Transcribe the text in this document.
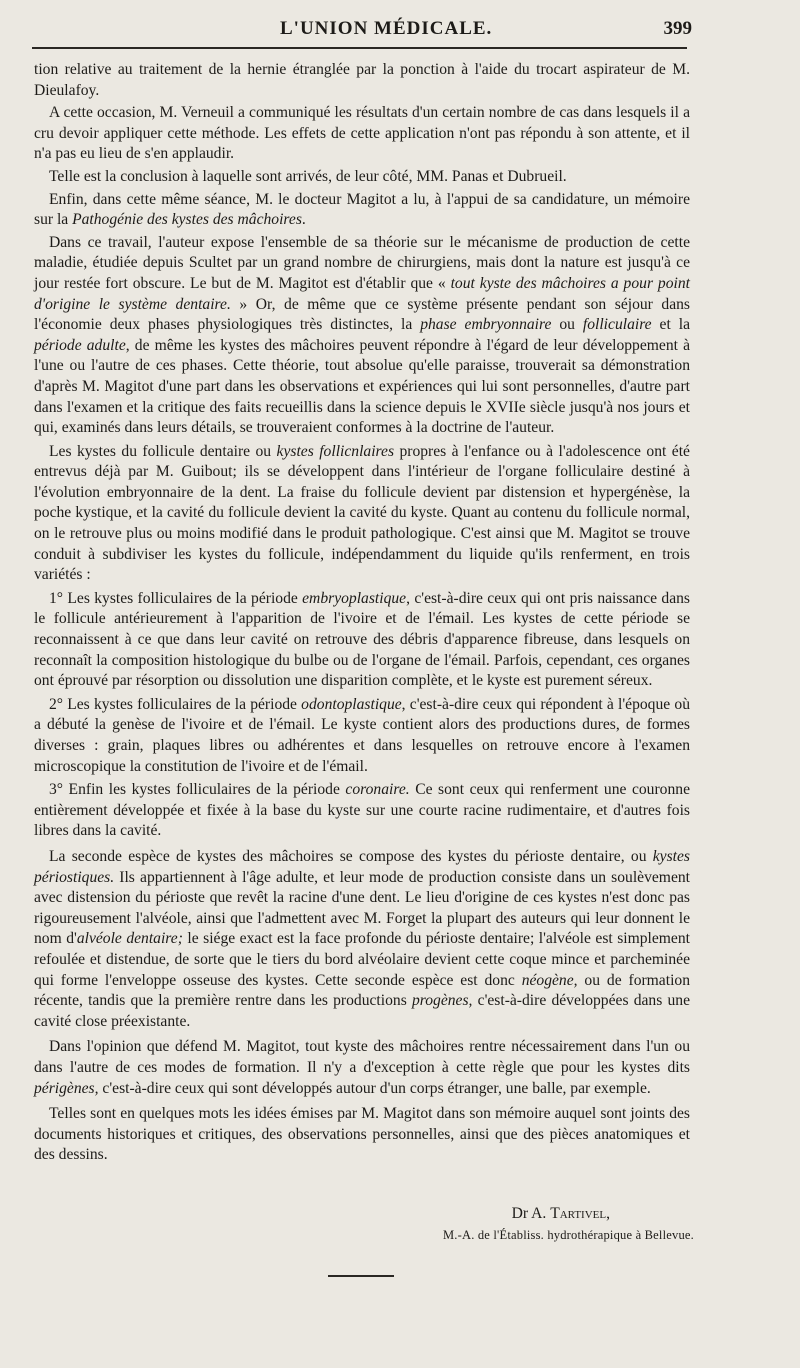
L'UNION MÉDICALE.	399

tion relative au traitement de la hernie étranglée par la ponction à l'aide du trocart aspirateur de M. Dieulafoy.

A cette occasion, M. Verneuil a communiqué les résultats d'un certain nombre de cas dans lesquels il a cru devoir appliquer cette méthode. Les effets de cette application n'ont pas répondu à son attente, et il n'a pas eu lieu de s'en applaudir.

Telle est la conclusion à laquelle sont arrivés, de leur côté, MM. Panas et Dubrueil.

Enfin, dans cette même séance, M. le docteur Magitot a lu, à l'appui de sa candidature, un mémoire sur la Pathogénie des kystes des mâchoires.

Dans ce travail, l'auteur expose l'ensemble de sa théorie sur le mécanisme de production de cette maladie, étudiée depuis Scultet par un grand nombre de chirurgiens, mais dont la nature est jusqu'à ce jour restée fort obscure. Le but de M. Magitot est d'établir que « tout kyste des mâchoires a pour point d'origine le système dentaire. » Or, de même que ce système présente pendant son séjour dans l'économie deux phases physiologiques très distinctes, la phase embryonnaire ou folliculaire et la période adulte, de même les kystes des mâchoires peuvent répondre à l'égard de leur développement à l'une ou l'autre de ces phases. Cette théorie, tout absolue qu'elle paraisse, trouverait sa démonstration d'après M. Magitot d'une part dans les observations et expériences qui lui sont personnelles, d'autre part dans l'examen et la critique des faits recueillis dans la science depuis le XVIIe siècle jusqu'à nos jours et qui, examinés dans leurs détails, se trouveraient conformes à la doctrine de l'auteur.

Les kystes du follicule dentaire ou kystes follicnlaires propres à l'enfance ou à l'adolescence ont été entrevus déjà par M. Guibout; ils se développent dans l'intérieur de l'organe folliculaire destiné à l'évolution embryonnaire de la dent. La fraise du follicule devient par distension et hypergénèse, la poche kystique, et la cavité du follicule devient la cavité du kyste. Quant au contenu du follicule normal, on le retrouve plus ou moins modifié dans le produit pathologique. C'est ainsi que M. Magitot se trouve conduit à subdiviser les kystes du follicule, indépendamment du liquide qu'ils renferment, en trois variétés :

1° Les kystes folliculaires de la période embryoplastique, c'est-à-dire ceux qui ont pris naissance dans le follicule antérieurement à l'apparition de l'ivoire et de l'émail. Les kystes de cette période se reconnaissent à ce que dans leur cavité on retrouve des débris d'apparence fibreuse, dans lesquels on reconnaît la composition histologique du bulbe ou de l'organe de l'émail. Parfois, cependant, ces organes ont éprouvé par résorption ou dissolution une disparition complète, et le kyste est purement séreux.

2° Les kystes folliculaires de la période odontoplastique, c'est-à-dire ceux qui répondent à l'époque où a débuté la genèse de l'ivoire et de l'émail. Le kyste contient alors des productions dures, de formes diverses : grain, plaques libres ou adhérentes et dans lesquelles on retrouve encore à l'examen microscopique la constitution de l'ivoire et de l'émail.

3° Enfin les kystes folliculaires de la période coronaire. Ce sont ceux qui renferment une couronne entièrement développée et fixée à la base du kyste sur une courte racine rudimentaire, et d'autres fois libres dans la cavité.

La seconde espèce de kystes des mâchoires se compose des kystes du périoste dentaire, ou kystes périostiques. Ils appartiennent à l'âge adulte, et leur mode de production consiste dans un soulèvement avec distension du périoste que revêt la racine d'une dent. Le lieu d'origine de ces kystes n'est donc pas rigoureusement l'alvéole, ainsi que l'admettent avec M. Forget la plupart des auteurs qui leur donnent le nom d'alvéole dentaire; le siége exact est la face profonde du périoste dentaire; l'alvéole est simplement refoulée et distendue, de sorte que le tiers du bord alvéolaire devient cette coque mince et parcheminée qui forme l'enveloppe osseuse des kystes. Cette seconde espèce est donc néogène, ou de formation récente, tandis que la première rentre dans les productions progènes, c'est-à-dire développées dans une cavité close préexistante.

Dans l'opinion que défend M. Magitot, tout kyste des mâchoires rentre nécessairement dans l'un ou dans l'autre de ces modes de formation. Il n'y a d'exception à cette règle que pour les kystes dits périgènes, c'est-à-dire ceux qui sont développés autour d'un corps étranger, une balle, par exemple.

Telles sont en quelques mots les idées émises par M. Magitot dans son mémoire auquel sont joints des documents historiques et critiques, des observations personnelles, ainsi que des pièces anatomiques et des dessins.

Dr A. Tartivel,
M.-A. de l'Établiss. hydrothérapique à Bellevue.
